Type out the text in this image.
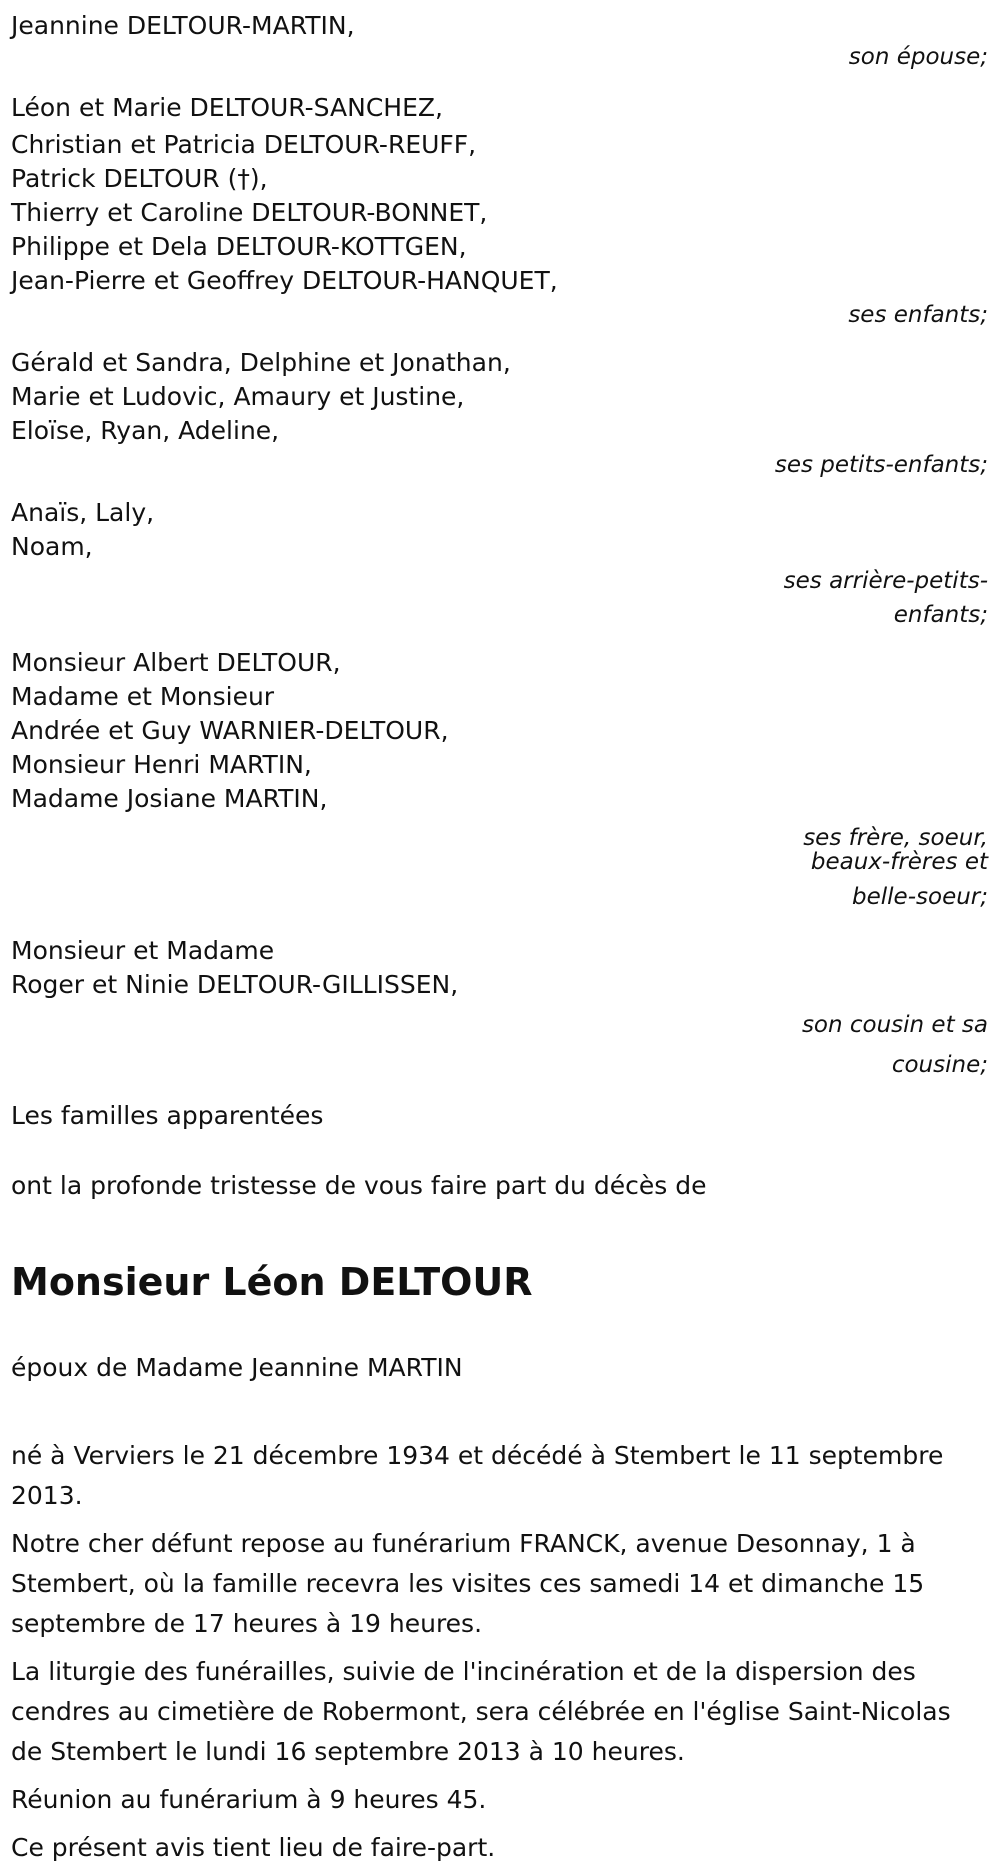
Jeannine DELTOUR-MARTIN,
son épouse;
Léon et Marie DELTOUR-SANCHEZ,
Christian et Patricia DELTOUR-REUFF,
Patrick DELTOUR (†),
Thierry et Caroline DELTOUR-BONNET,
Philippe et Dela DELTOUR-KOTTGEN,
Jean-Pierre et Geoffrey DELTOUR-HANQUET,
ses enfants;
Gérald et Sandra, Delphine et Jonathan,
Marie et Ludovic, Amaury et Justine,
Eloïse, Ryan, Adeline,
ses petits-enfants;
Anaïs, Laly,
Noam,
ses arrière-petits-
enfants;
Monsieur Albert DELTOUR,
Madame et Monsieur
Andrée et Guy WARNIER-DELTOUR,
Monsieur Henri MARTIN,
Madame Josiane MARTIN,
ses frère, soeur,
beaux-frères et
belle-soeur;
Monsieur et Madame
Roger et Ninie DELTOUR-GILLISSEN,
son cousin et sa
cousine;
Les familles apparentées
ont la profonde tristesse de vous faire part du décès de
Monsieur Léon DELTOUR
époux de Madame Jeannine MARTIN
né à Verviers le 21 décembre 1934 et décédé à Stembert le 11 septembre 2013.
Notre cher défunt repose au funérarium FRANCK, avenue Desonnay, 1 à Stembert, où la famille recevra les visites ces samedi 14 et dimanche 15 septembre de 17 heures à 19 heures.
La liturgie des funérailles, suivie de l'incinération et de la dispersion des cendres au cimetière de Robermont, sera célébrée en l'église Saint-Nicolas de Stembert le lundi 16 septembre 2013 à 10 heures.
Réunion au funérarium à 9 heures 45.
Ce présent avis tient lieu de faire-part.
